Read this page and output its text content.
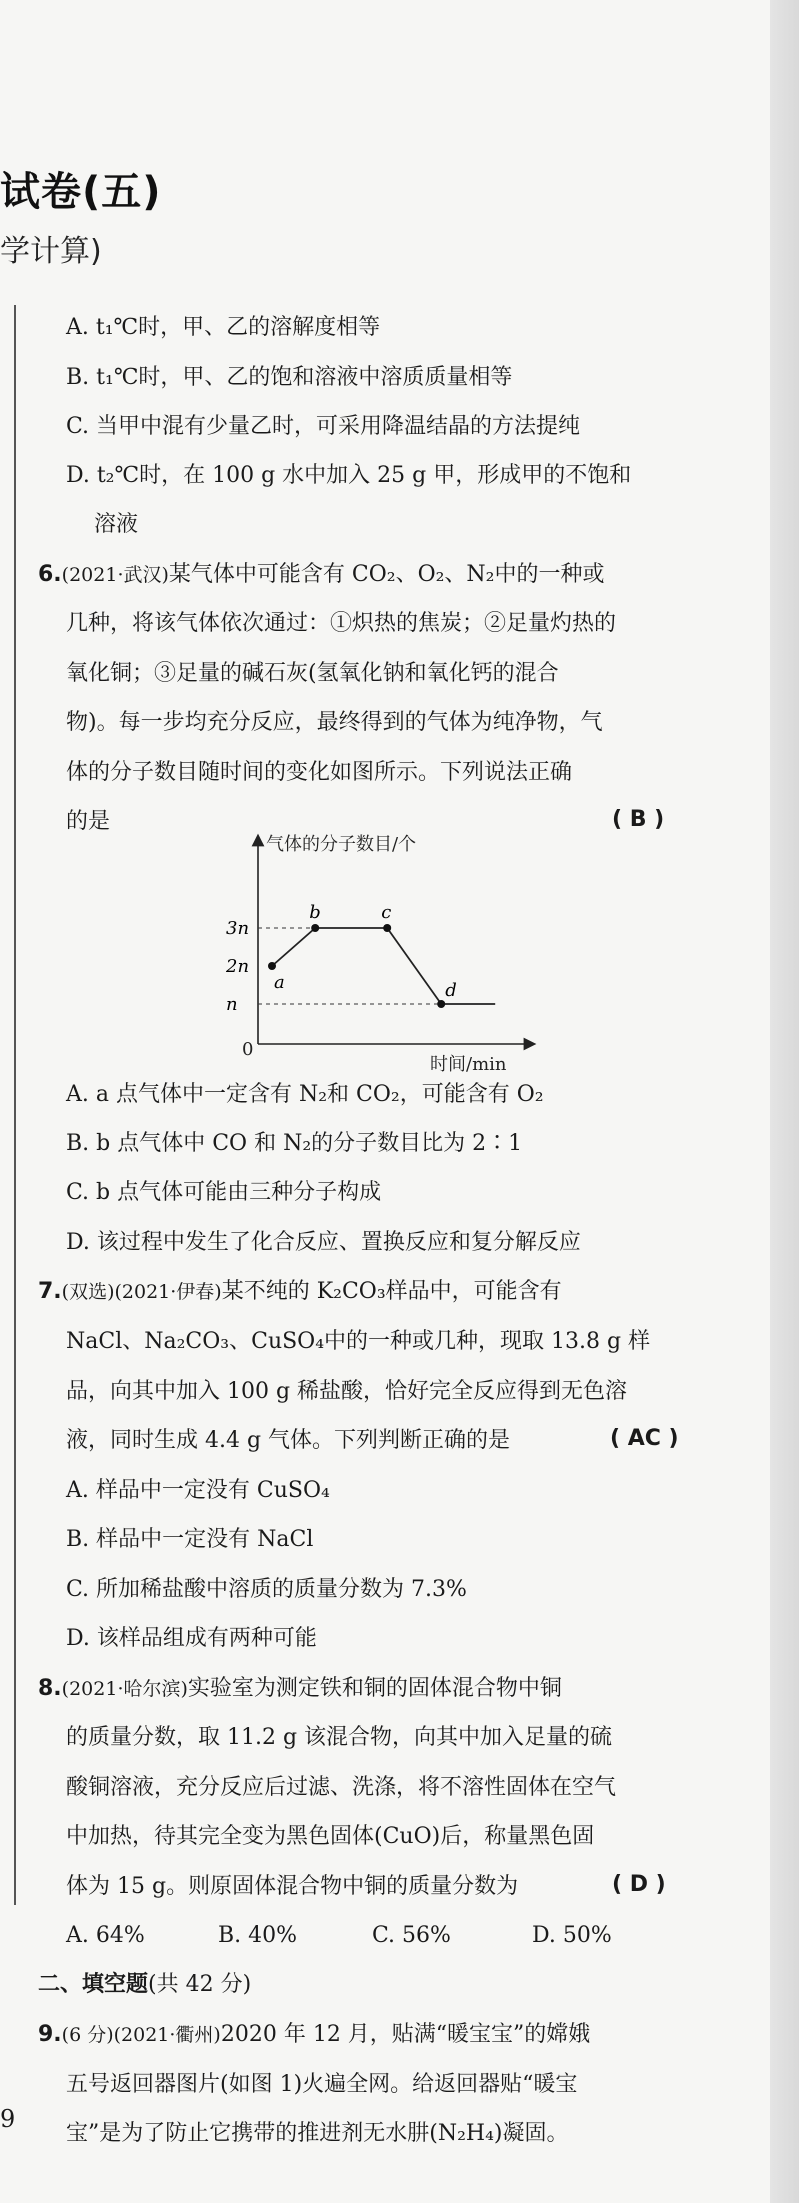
试卷(五)
学计算)
A. t₁℃时，甲、乙的溶解度相等
B. t₁℃时，甲、乙的饱和溶液中溶质质量相等
C. 当甲中混有少量乙时，可采用降温结晶的方法提纯
D. t₂℃时，在 100 g 水中加入 25 g 甲，形成甲的不饱和
溶液
6.(2021·武汉)某气体中可能含有 CO₂、O₂、N₂中的一种或
几种，将该气体依次通过：①炽热的焦炭；②足量灼热的
氧化铜；③足量的碱石灰(氢氧化钠和氧化钙的混合
物)。每一步均充分反应，最终得到的气体为纯净物，气
体的分子数目随时间的变化如图所示。下列说法正确
的是	( B )
气体的分子数目/个
时间/min
0
n
2n
3n
a
b	c
d
A. a 点气体中一定含有 N₂和 CO₂，可能含有 O₂
B. b 点气体中 CO 和 N₂的分子数目比为 2∶1
C. b 点气体可能由三种分子构成
D. 该过程中发生了化合反应、置换反应和复分解反应
7.(双选)(2021·伊春)某不纯的 K₂CO₃样品中，可能含有
NaCl、Na₂CO₃、CuSO₄中的一种或几种，现取 13.8 g 样
品，向其中加入 100 g 稀盐酸，恰好完全反应得到无色溶
液，同时生成 4.4 g 气体。下列判断正确的是	( AC )
A. 样品中一定没有 CuSO₄
B. 样品中一定没有 NaCl
C. 所加稀盐酸中溶质的质量分数为 7.3%
D. 该样品组成有两种可能
8.(2021·哈尔滨)实验室为测定铁和铜的固体混合物中铜
的质量分数，取 11.2 g 该混合物，向其中加入足量的硫
酸铜溶液，充分反应后过滤、洗涤，将不溶性固体在空气
中加热，待其完全变为黑色固体(CuO)后，称量黑色固
体为 15 g。则原固体混合物中铜的质量分数为	( D )
A. 64%	B. 40%	C. 56%	D. 50%
二、填空题(共 42 分)
9.(6 分)(2021·衢州)2020 年 12 月，贴满“暖宝宝”的嫦娥
五号返回器图片(如图 1)火遍全网。给返回器贴“暖宝
宝”是为了防止它携带的推进剂无水肼(N₂H₄)凝固。
9
